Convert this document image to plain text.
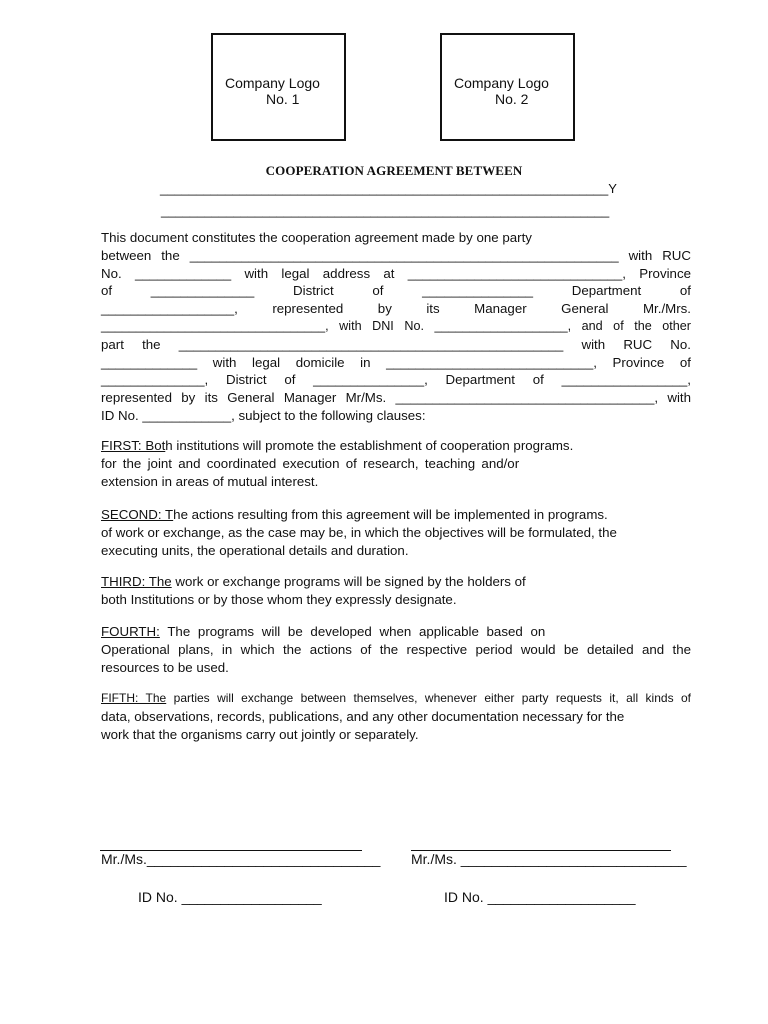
Company Logo
No. 1
Company Logo
No. 2
COOPERATION AGREEMENT BETWEEN
______________________________________________________________Y
______________________________________________________________
This document constitutes the cooperation agreement made by one party
between the __________________________________________________________ with RUC
No. _____________ with legal address at _____________________________, Province
of ______________ District of _______________ Department of
__________________, represented by its Manager General Mr./Mrs.
________________________________, with DNI No. ___________________, and of the other
part the ____________________________________________________ with RUC No.
_____________ with legal domicile in ____________________________, Province of
______________, District of _______________, Department of _________________,
represented by its General Manager Mr/Ms. ___________________________________, with
ID No. ____________, subject to the following clauses:
FIRST: Both institutions will promote the establishment of cooperation programs.
for the joint and coordinated execution of research, teaching and/or
extension in areas of mutual interest.
SECOND: The actions resulting from this agreement will be implemented in programs.
of work or exchange, as the case may be, in which the objectives will be formulated, the
executing units, the operational details and duration.
THIRD: The work or exchange programs will be signed by the holders of
both Institutions or by those whom they expressly designate.
FOURTH: The programs will be developed when applicable based on
Operational plans, in which the actions of the respective period would be detailed and the
resources to be used.
FIFTH: The parties will exchange between themselves, whenever either party requests it, all kinds of
data, observations, records, publications, and any other documentation necessary for the
work that the organisms carry out jointly or separately.
Mr./Ms.______________________________ Mr./Ms. _____________________________
ID No. __________________	ID No. ___________________
